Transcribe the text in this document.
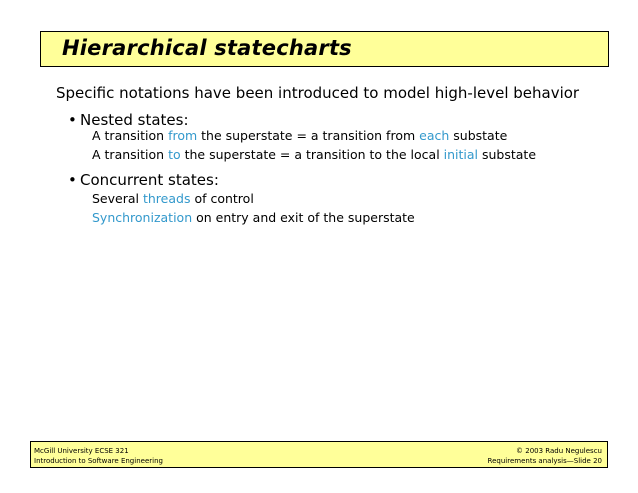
Hierarchical statecharts
Specific notations have been introduced to model high-level behavior
• Nested states:
A transition from the superstate = a transition from each substate
A transition to the superstate = a transition to the local initial substate
• Concurrent states:
Several threads of control
Synchronization on entry and exit of the superstate
McGill University ECSE 321
Introduction to Software Engineering
© 2003 Radu Negulescu
Requirements analysis—Slide 20
